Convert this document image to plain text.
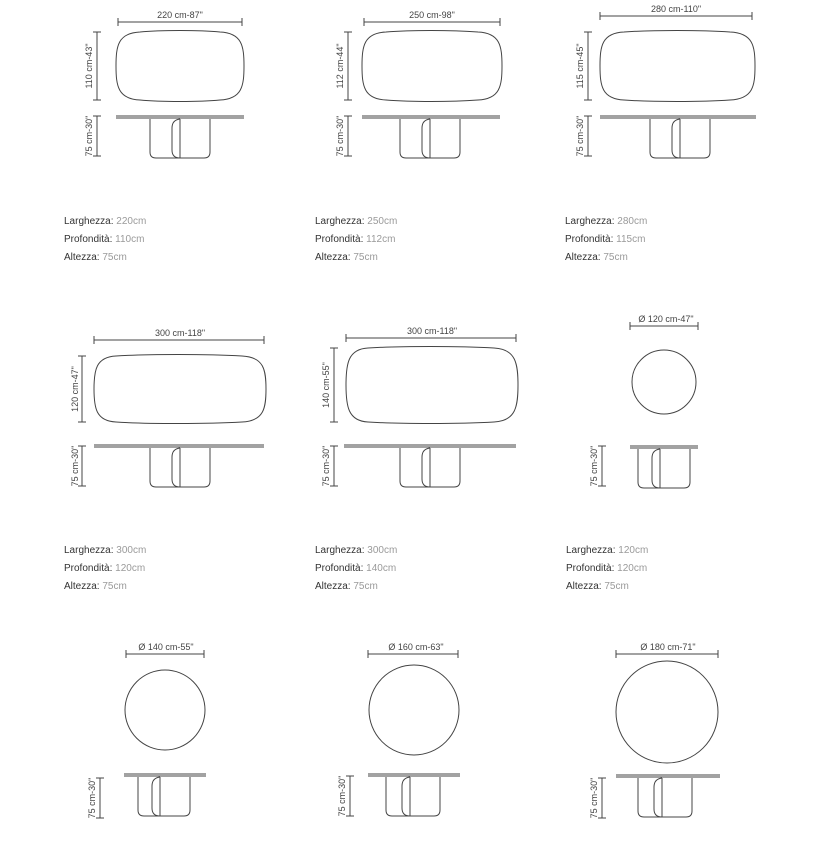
220 cm-87"
110 cm-43"
75 cm-30"
Larghezza: 220cm
Profondità: 110cm
Altezza: 75cm
250 cm-98"
112 cm-44"
75 cm-30"
Larghezza: 250cm
Profondità: 112cm
Altezza: 75cm
280 cm-110"
115 cm-45"
75 cm-30"
Larghezza: 280cm
Profondità: 115cm
Altezza: 75cm
300 cm-118"
120 cm-47"
75 cm-30"
Larghezza: 300cm
Profondità: 120cm
Altezza: 75cm
300 cm-118"
140 cm-55"
75 cm-30"
Larghezza: 300cm
Profondità: 140cm
Altezza: 75cm
Ø 120 cm-47"
75 cm-30"
Larghezza: 120cm
Profondità: 120cm
Altezza: 75cm
Ø 140 cm-55"
75 cm-30"
Ø 160 cm-63"
75 cm-30"
Ø 180 cm-71"
75 cm-30"
